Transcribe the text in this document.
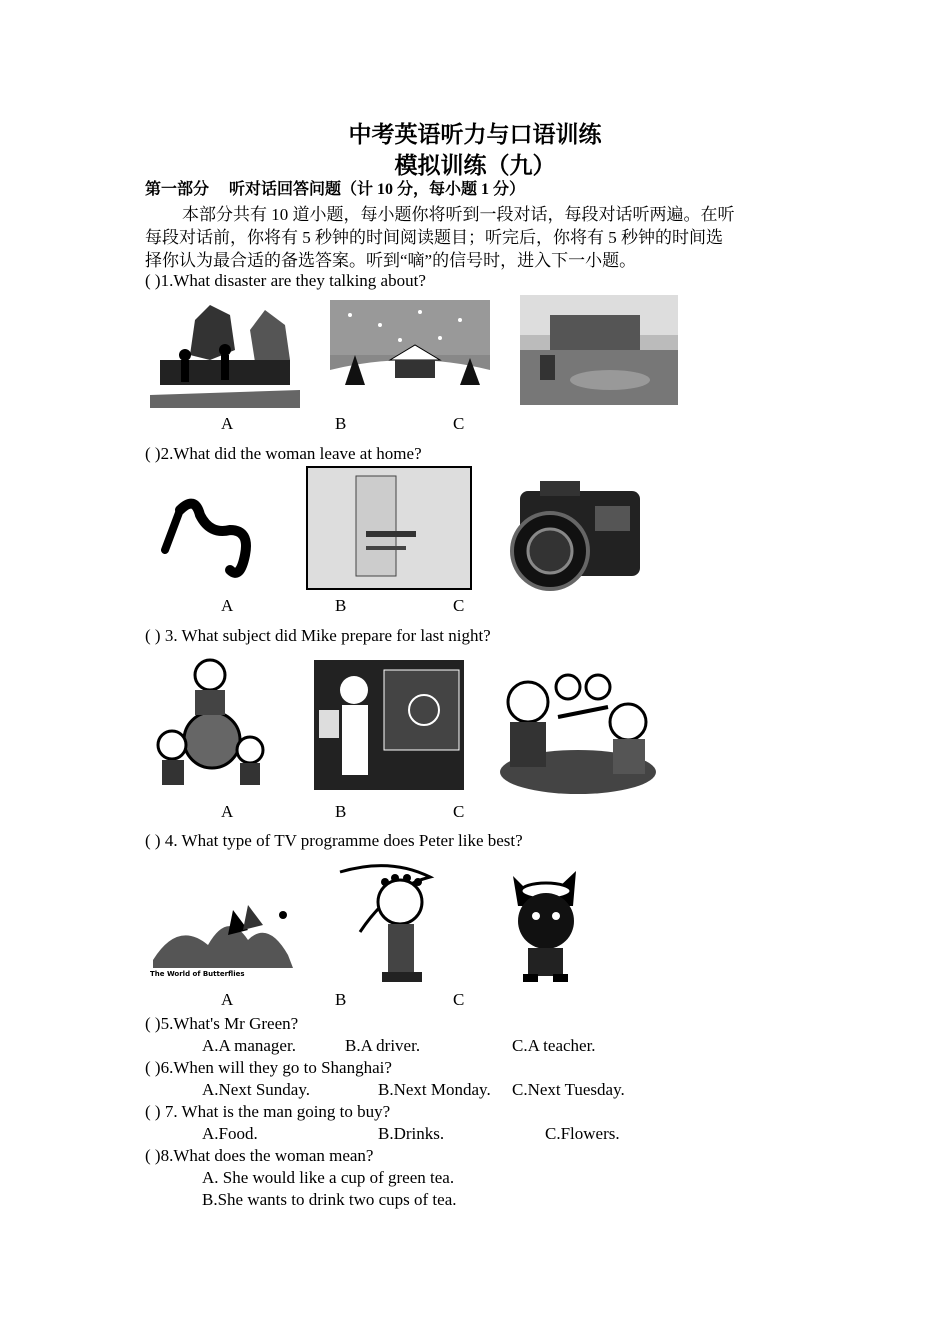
中考英语听力与口语训练
模拟训练（九）
第一部分 听对话回答问题（计 10 分，每小题 1 分）
本部分共有 10 道小题，每小题你将听到一段对话，每段对话听两遍。在听
每段对话前，你将有 5 秒钟的时间阅读题目；听完后，你将有 5 秒钟的时间选
择你认为最合适的备选答案。听到“嘀”的信号时，进入下一小题。
( )1.What disaster are they talking about?
A	B	C
( )2.What did the woman leave at home?
A	B	C
( ) 3. What subject did Mike prepare for last night?
A	B	C
( ) 4. What type of TV programme does Peter like best?
The World of Butterflies
A	B	C
( )5.What's Mr Green?
A.A manager.	B.A driver.	C.A teacher.
( )6.When will they go to Shanghai?
A.Next Sunday.	B.Next Monday. C.Next Tuesday.
( ) 7. What is the man going to buy?
A.Food.	B.Drinks.	C.Flowers.
( )8.What does the woman mean?
A. She would like a cup of green tea.
B.She wants to drink two cups of tea.
